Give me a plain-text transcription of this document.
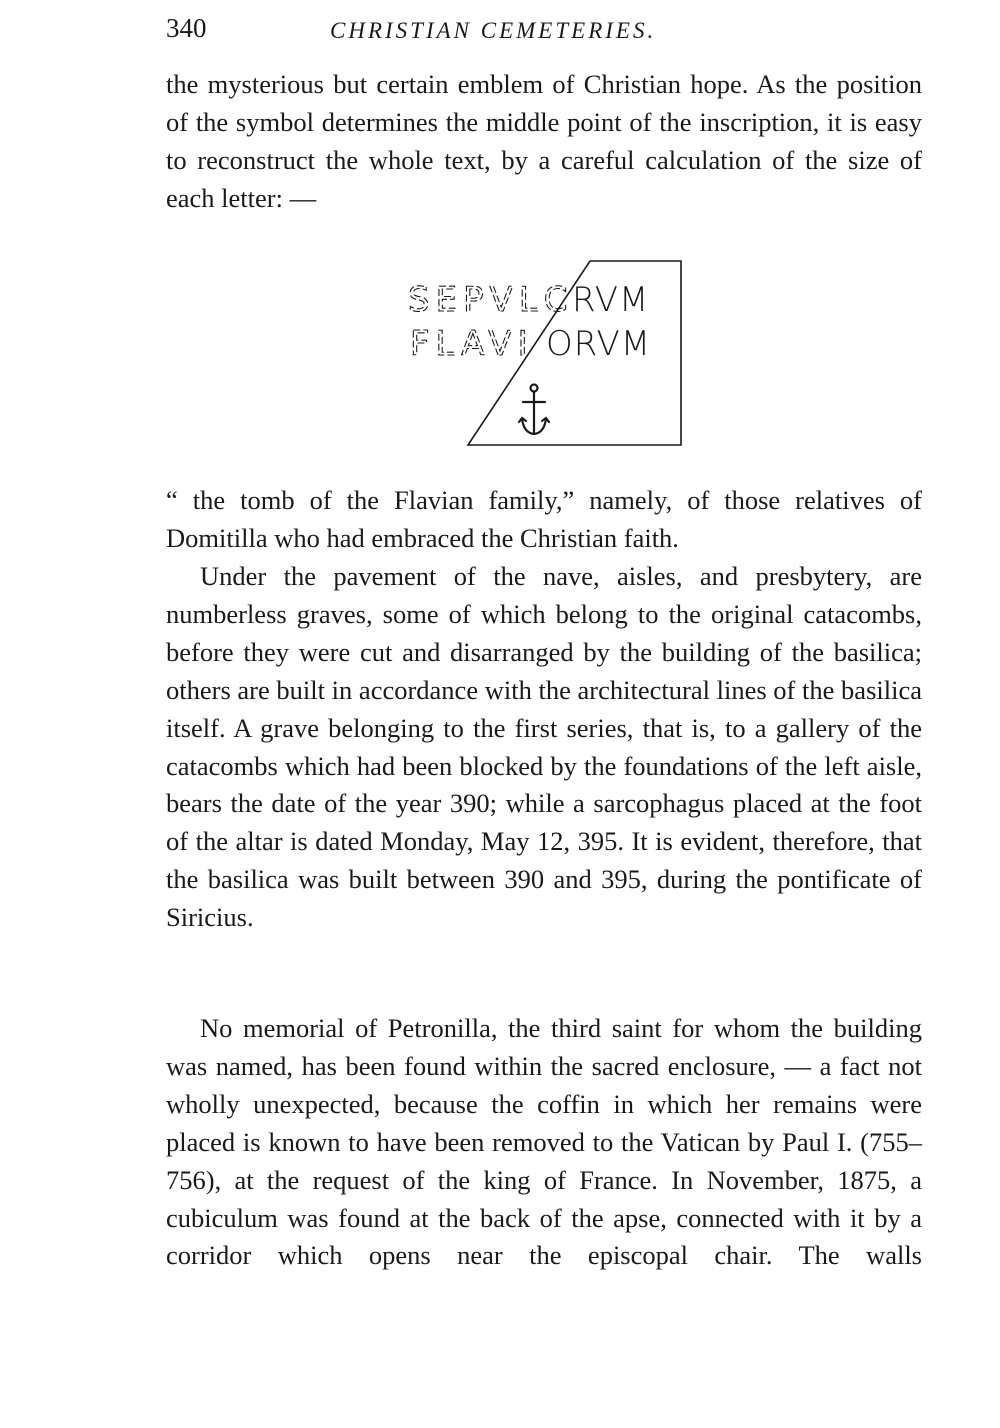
340	CHRISTIAN CEMETERIES.

the mysterious but certain emblem of Christian hope. As the position of the symbol determines the middle point of the inscription, it is easy to reconstruct the whole text, by a careful calculation of the size of each letter: —

SEPVLC
FLAVI
RVM
ORVM

“ the tomb of the Flavian family,” namely, of those relatives of Domitilla who had embraced the Christian faith.

Under the pavement of the nave, aisles, and presbytery, are numberless graves, some of which belong to the original catacombs, before they were cut and disarranged by the building of the basilica; others are built in accordance with the architectural lines of the basilica itself. A grave belonging to the first series, that is, to a gallery of the catacombs which had been blocked by the foundations of the left aisle, bears the date of the year 390; while a sarcophagus placed at the foot of the altar is dated Monday, May 12, 395. It is evident, therefore, that the basilica was built between 390 and 395, during the pontificate of Siricius.

No memorial of Petronilla, the third saint for whom the building was named, has been found within the sacred enclosure, — a fact not wholly unexpected, because the coffin in which her remains were placed is known to have been removed to the Vatican by Paul I. (755–756), at the request of the king of France. In November, 1875, a cubiculum was found at the back of the apse, connected with it by a corridor which opens near the episcopal chair. The walls
